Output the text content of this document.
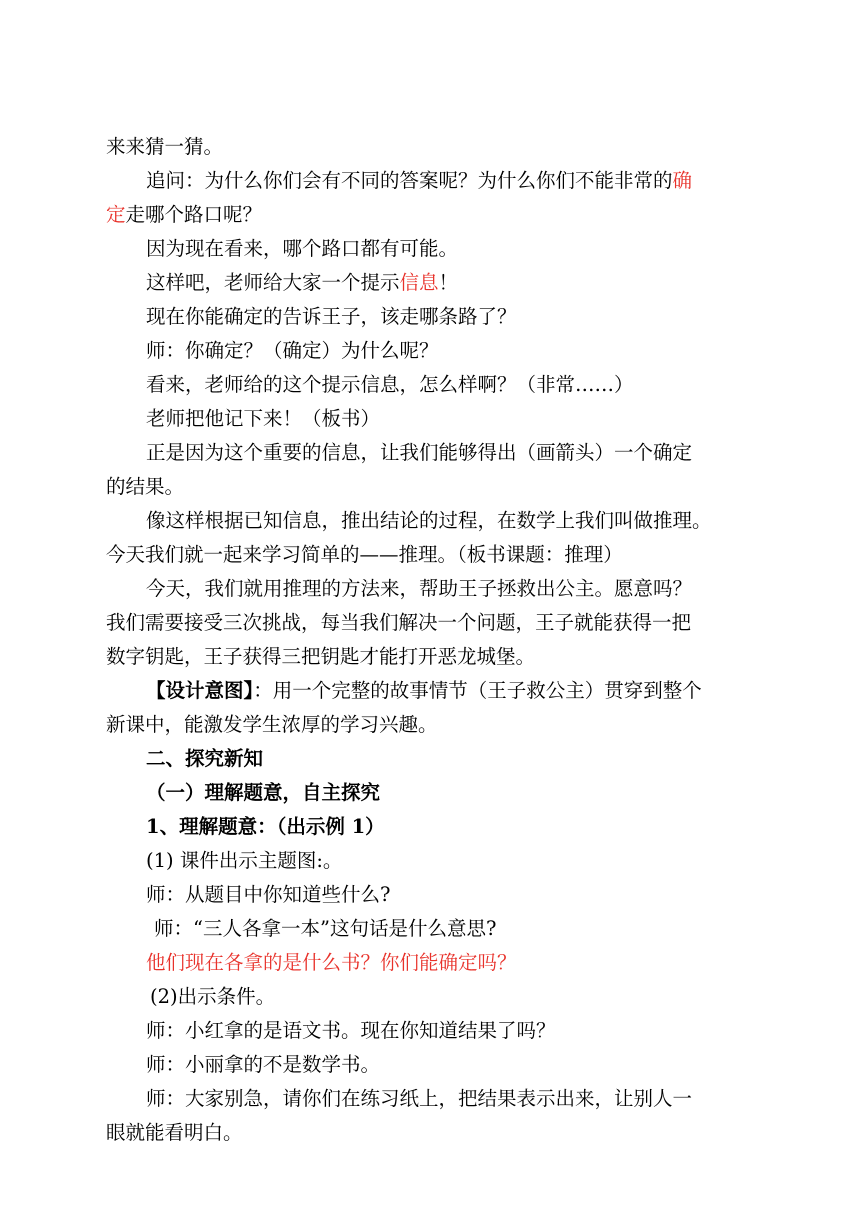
来来猜一猜。

追问：为什么你们会有不同的答案呢？为什么你们不能非常的确

定走哪个路口呢？

因为现在看来，哪个路口都有可能。

这样吧，老师给大家一个提示信息！

现在你能确定的告诉王子，该走哪条路了？

师：你确定？（确定）为什么呢？

看来，老师给的这个提示信息，怎么样啊？（非常……）

老师把他记下来！（板书）

正是因为这个重要的信息，让我们能够得出（画箭头）一个确定

的结果。

像这样根据已知信息，推出结论的过程，在数学上我们叫做推理。

今天我们就一起来学习简单的——推理。（板书课题：推理）

今天，我们就用推理的方法来，帮助王子拯救出公主。愿意吗？

我们需要接受三次挑战，每当我们解决一个问题，王子就能获得一把

数字钥匙，王子获得三把钥匙才能打开恶龙城堡。

【设计意图】：用一个完整的故事情节（王子救公主）贯穿到整个

新课中，能激发学生浓厚的学习兴趣。

二、探究新知

（一）理解题意，自主探究

1、理解题意：（出示例 1）

(1) 课件出示主题图:。

师：从题目中你知道些什么?

师：“三人各拿一本”这句话是什么意思?

他们现在各拿的是什么书？你们能确定吗？

(2)出示条件。

师：小红拿的是语文书。现在你知道结果了吗？

师：小丽拿的不是数学书。

师：大家别急，请你们在练习纸上，把结果表示出来，让别人一

眼就能看明白。
